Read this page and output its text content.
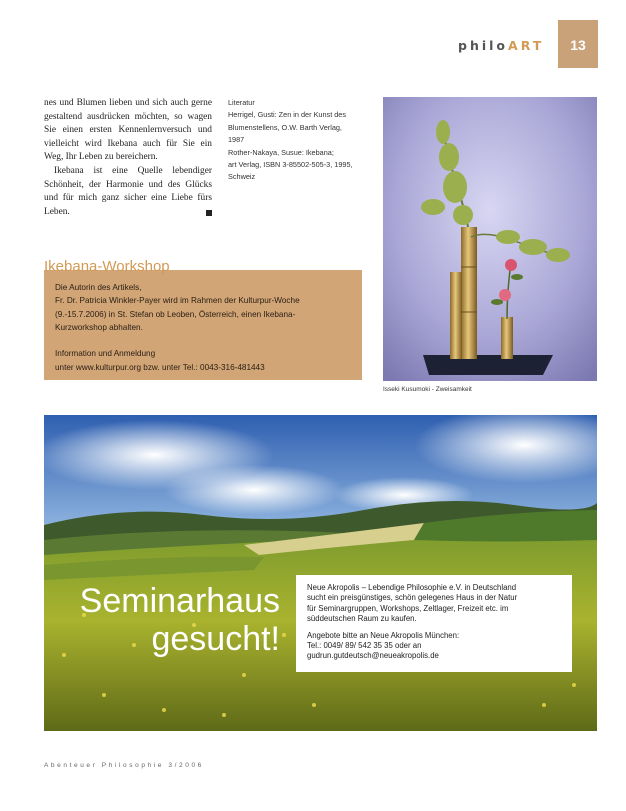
philoART	13

nes und Blumen lieben und sich auch gerne gestaltend ausdrücken möchten, so wagen Sie einen ersten Kennenlernversuch und vielleicht wird Ikebana auch für Sie ein Weg, Ihr Leben zu bereichern.

Ikebana ist eine Quelle lebendiger Schönheit, der Harmonie und des Glücks und für mich ganz sicher eine Liebe fürs Leben.

Literatur
Herrigel, Gusti: Zen in der Kunst des
Blumenstellens, O.W. Barth Verlag,
1987
Rother-Nakaya, Susue: Ikebana;
art Verlag, ISBN 3-85502-505-3, 1995,
Schweiz
Isseki Kusumoki - Zweisamkeit
Ikebana-Workshop
Die Autorin des Artikels,
Fr. Dr. Patricia Winkler-Payer wird im Rahmen der Kulturpur-Woche
(9.-15.7.2006) in St. Stefan ob Leoben, Österreich, einen Ikebana-
Kurzworkshop abhalten.
Information und Anmeldung
unter www.kulturpur.org bzw. unter Tel.: 0043-316-481443
Seminarhaus
gesucht!
Neue Akropolis – Lebendige Philosophie e.V. in Deutschland
sucht ein preisgünstiges, schön gelegenes Haus in der Natur
für Seminargruppen, Workshops, Zeltlager, Freizeit etc. im
süddeutschen Raum zu kaufen.
Angebote bitte an Neue Akropolis München:
Tel.: 0049/ 89/ 542 35 35 oder an
gudrun.gutdeutsch@neueakropolis.de
Abenteuer Philosophie 3/2006
